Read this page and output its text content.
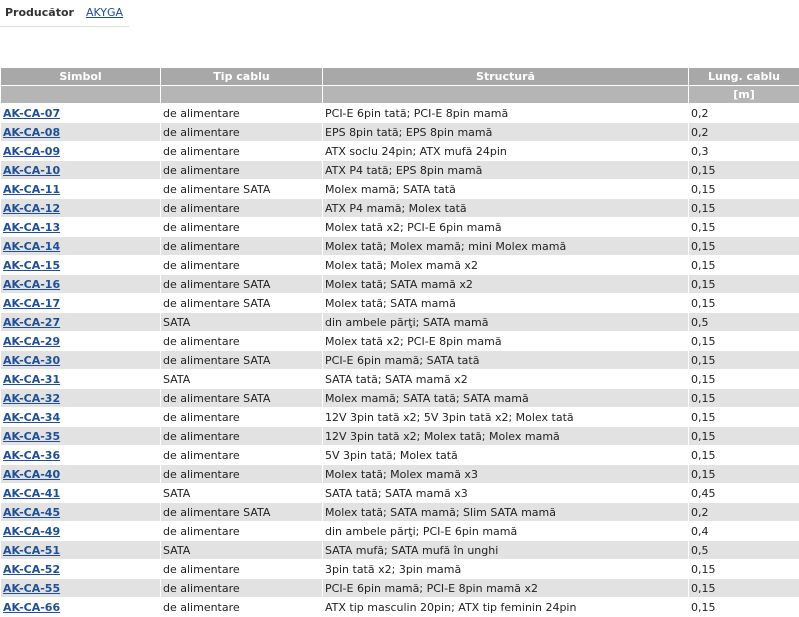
Producător AKYGA
Simbol	Tip cablu	Structură	Lung. cablu
			[m]
AK-CA-07	de alimentare	PCI-E 6pin tată; PCI-E 8pin mamă	0,2
AK-CA-08	de alimentare	EPS 8pin tată; EPS 8pin mamă	0,2
AK-CA-09	de alimentare	ATX soclu 24pin; ATX mufă 24pin	0,3
AK-CA-10	de alimentare	ATX P4 tată; EPS 8pin mamă	0,15
AK-CA-11	de alimentare SATA	Molex mamă; SATA tată	0,15
AK-CA-12	de alimentare	ATX P4 mamă; Molex tată	0,15
AK-CA-13	de alimentare	Molex tată x2; PCI-E 6pin mamă	0,15
AK-CA-14	de alimentare	Molex tată; Molex mamă; mini Molex mamă	0,15
AK-CA-15	de alimentare	Molex tată; Molex mamă x2	0,15
AK-CA-16	de alimentare SATA	Molex tată; SATA mamă x2	0,15
AK-CA-17	de alimentare SATA	Molex tată; SATA mamă	0,15
AK-CA-27	SATA	din ambele părţi; SATA mamă	0,5
AK-CA-29	de alimentare	Molex tată x2; PCI-E 8pin mamă	0,15
AK-CA-30	de alimentare SATA	PCI-E 6pin mamă; SATA tată	0,15
AK-CA-31	SATA	SATA tată; SATA mamă x2	0,15
AK-CA-32	de alimentare SATA	Molex mamă; SATA tată; SATA mamă	0,15
AK-CA-34	de alimentare	12V 3pin tată x2; 5V 3pin tată x2; Molex tată	0,15
AK-CA-35	de alimentare	12V 3pin tată x2; Molex tată; Molex mamă	0,15
AK-CA-36	de alimentare	5V 3pin tată; Molex tată	0,15
AK-CA-40	de alimentare	Molex tată; Molex mamă x3	0,15
AK-CA-41	SATA	SATA tată; SATA mamă x3	0,45
AK-CA-45	de alimentare SATA	Molex tată; SATA mamă; Slim SATA mamă	0,2
AK-CA-49	de alimentare	din ambele părţi; PCI-E 6pin mamă	0,4
AK-CA-51	SATA	SATA mufă; SATA mufă în unghi	0,5
AK-CA-52	de alimentare	3pin tată x2; 3pin mamă	0,15
AK-CA-55	de alimentare	PCI-E 6pin mamă; PCI-E 8pin mamă x2	0,15
AK-CA-66	de alimentare	ATX tip masculin 20pin; ATX tip feminin 24pin	0,15
